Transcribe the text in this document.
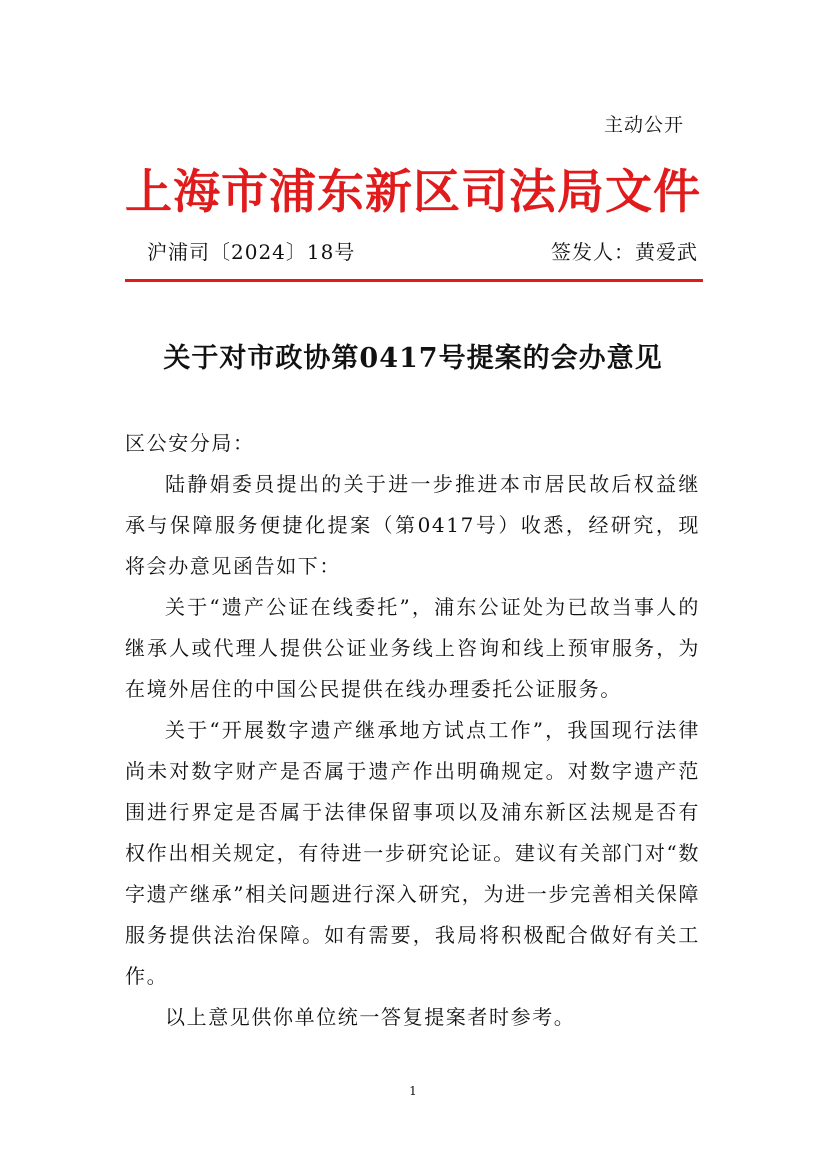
主动公开
上海市浦东新区司法局文件
沪浦司〔2024〕18号	签发人：黄爱武
关于对市政协第0417号提案的会办意见

区公安分局：

陆静娟委员提出的关于进一步推进本市居民故后权益继承与保障服务便捷化提案（第0417号）收悉，经研究，现将会办意见函告如下：

关于“遗产公证在线委托”，浦东公证处为已故当事人的继承人或代理人提供公证业务线上咨询和线上预审服务，为在境外居住的中国公民提供在线办理委托公证服务。

关于“开展数字遗产继承地方试点工作”，我国现行法律尚未对数字财产是否属于遗产作出明确规定。对数字遗产范围进行界定是否属于法律保留事项以及浦东新区法规是否有权作出相关规定，有待进一步研究论证。建议有关部门对“数字遗产继承”相关问题进行深入研究，为进一步完善相关保障服务提供法治保障。如有需要，我局将积极配合做好有关工作。

以上意见供你单位统一答复提案者时参考。

1
